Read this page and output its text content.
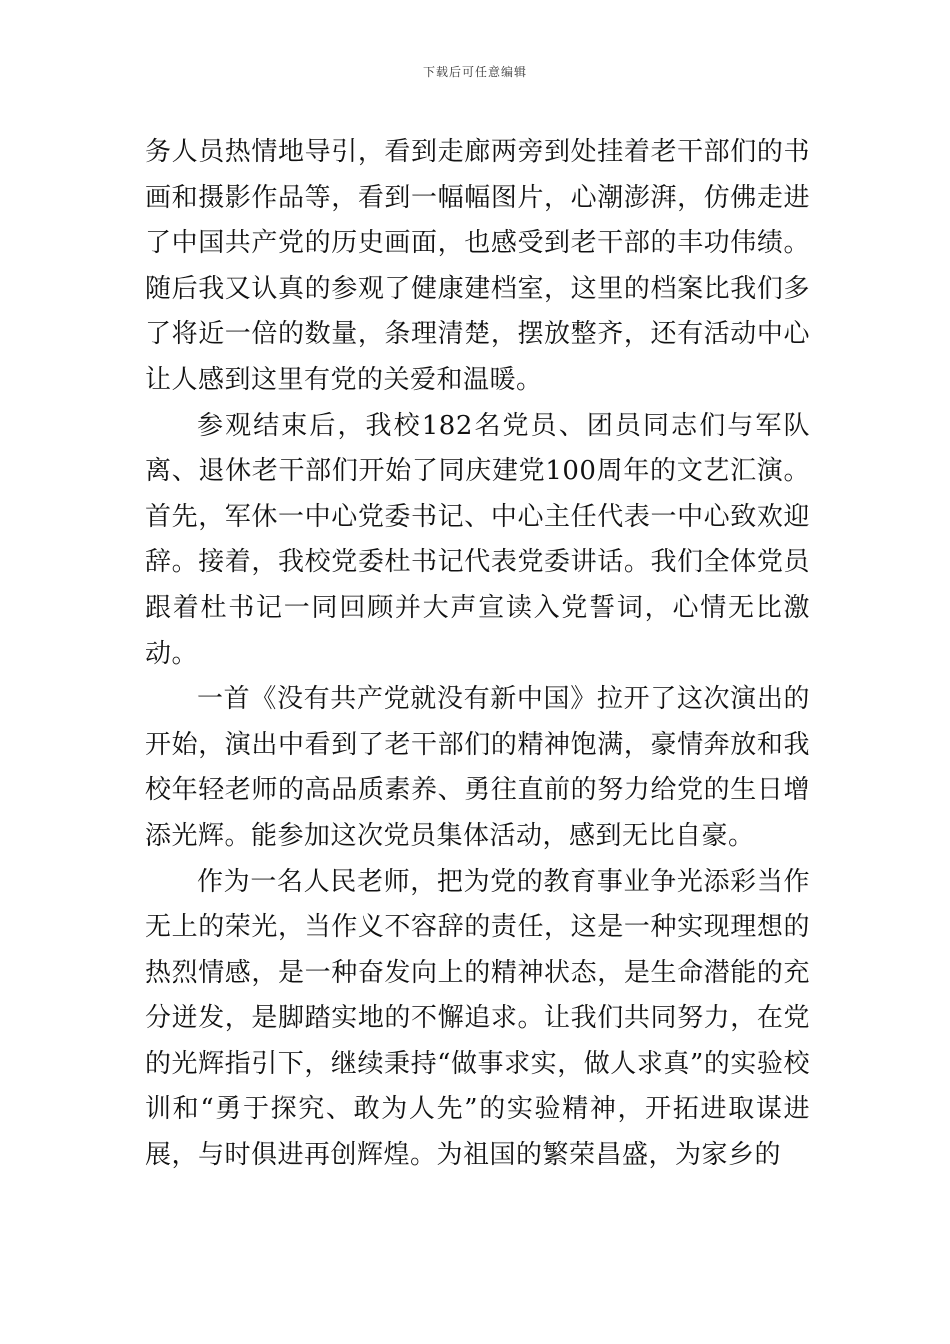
下载后可任意编辑

务人员热情地导引，看到走廊两旁到处挂着老干部们的书画和摄影作品等，看到一幅幅图片，心潮澎湃，仿佛走进了中国共产党的历史画面，也感受到老干部的丰功伟绩。随后我又认真的参观了健康建档室，这里的档案比我们多了将近一倍的数量，条理清楚，摆放整齐，还有活动中心让人感到这里有党的关爱和温暖。

参观结束后，我校182名党员、团员同志们与军队离、退休老干部们开始了同庆建党100周年的文艺汇演。首先，军休一中心党委书记、中心主任代表一中心致欢迎辞。接着，我校党委杜书记代表党委讲话。我们全体党员跟着杜书记一同回顾并大声宣读入党誓词，心情无比激动。

一首《没有共产党就没有新中国》拉开了这次演出的开始，演出中看到了老干部们的精神饱满，豪情奔放和我校年轻老师的高品质素养、勇往直前的努力给党的生日增添光辉。能参加这次党员集体活动，感到无比自豪。

作为一名人民老师，把为党的教育事业争光添彩当作无上的荣光，当作义不容辞的责任，这是一种实现理想的热烈情感，是一种奋发向上的精神状态，是生命潜能的充分迸发，是脚踏实地的不懈追求。让我们共同努力，在党的光辉指引下，继续秉持“做事求实，做人求真”的实验校训和“勇于探究、敢为人先”的实验精神，开拓进取谋进展，与时俱进再创辉煌。为祖国的繁荣昌盛，为家乡的
